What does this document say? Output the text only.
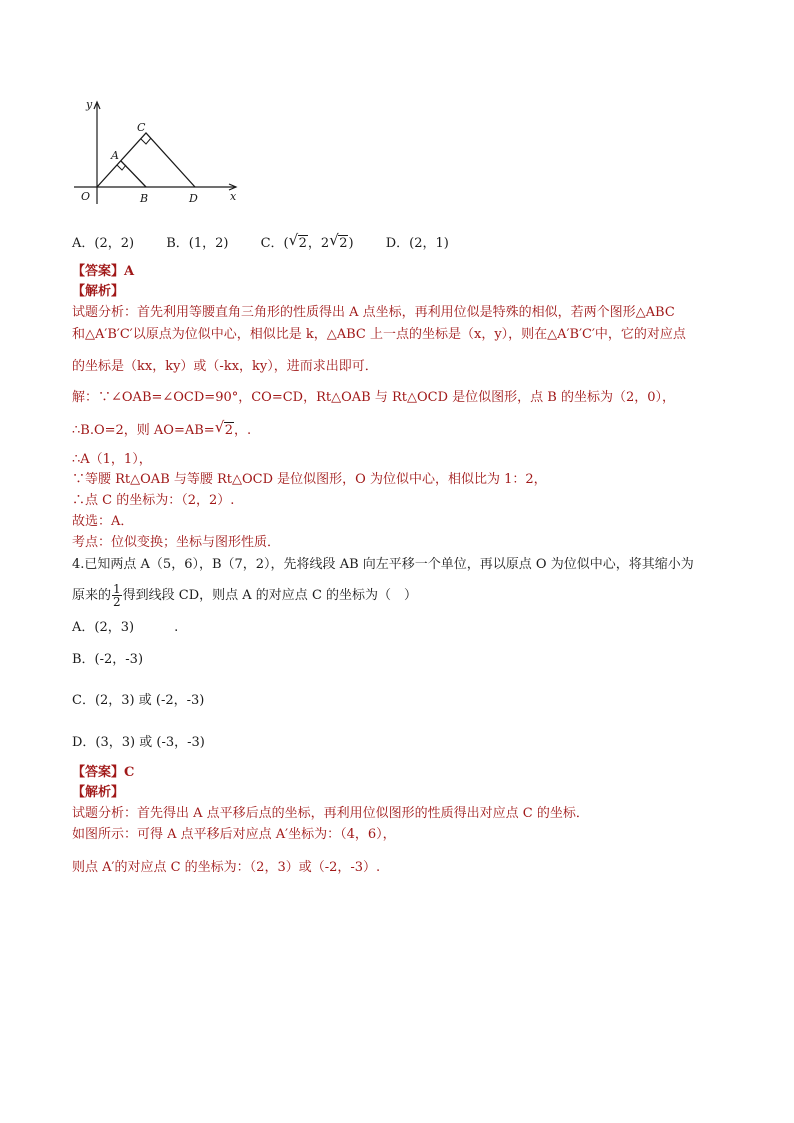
y
x
O
A
B
C
D
A．(2，2) B．(1，2) C．( √ 2，2 √ 2) D．(2，1)
【答案】A
【解析】
试题分析：首先利用等腰直角三角形的性质得出 A 点坐标，再利用位似是特殊的相似，若两个图形△ABC
和△A′B′C′以原点为位似中心，相似比是 k，△ABC 上一点的坐标是（x，y），则在△A′B′C′中，它的对应点
的坐标是（kx，ky）或（-kx，ky），进而求出即可．
解：∵∠OAB=∠OCD=90°，CO=CD，Rt△OAB 与 Rt△OCD 是位似图形，点 B 的坐标为（2，0），
∴B.O=2，则 AO=AB= √ 2，.
∴A（1，1），
∵等腰 Rt△OAB 与等腰 Rt△OCD 是位似图形，O 为位似中心，相似比为 1：2，
∴点 C 的坐标为：（2，2）.
故选：A．
考点：位似变换；坐标与图形性质．
4.已知两点 A（5，6），B（7，2），先将线段 AB 向左平移一个单位，再以原点 O 为位似中心，将其缩小为
原来的 $\frac{1}{2}$ 得到线段 CD，则点 A 的对应点 C 的坐标为（　）
A．(2，3)	.
B．(-2，-3)
C．(2，3) 或 (-2，-3)
D．(3，3) 或 (-3，-3)
【答案】C
【解析】
试题分析：首先得出 A 点平移后点的坐标，再利用位似图形的性质得出对应点 C 的坐标．
如图所示：可得 A 点平移后对应点 A′坐标为：（4，6），
则点 A′的对应点 C 的坐标为：（2，3）或（-2，-3）.
